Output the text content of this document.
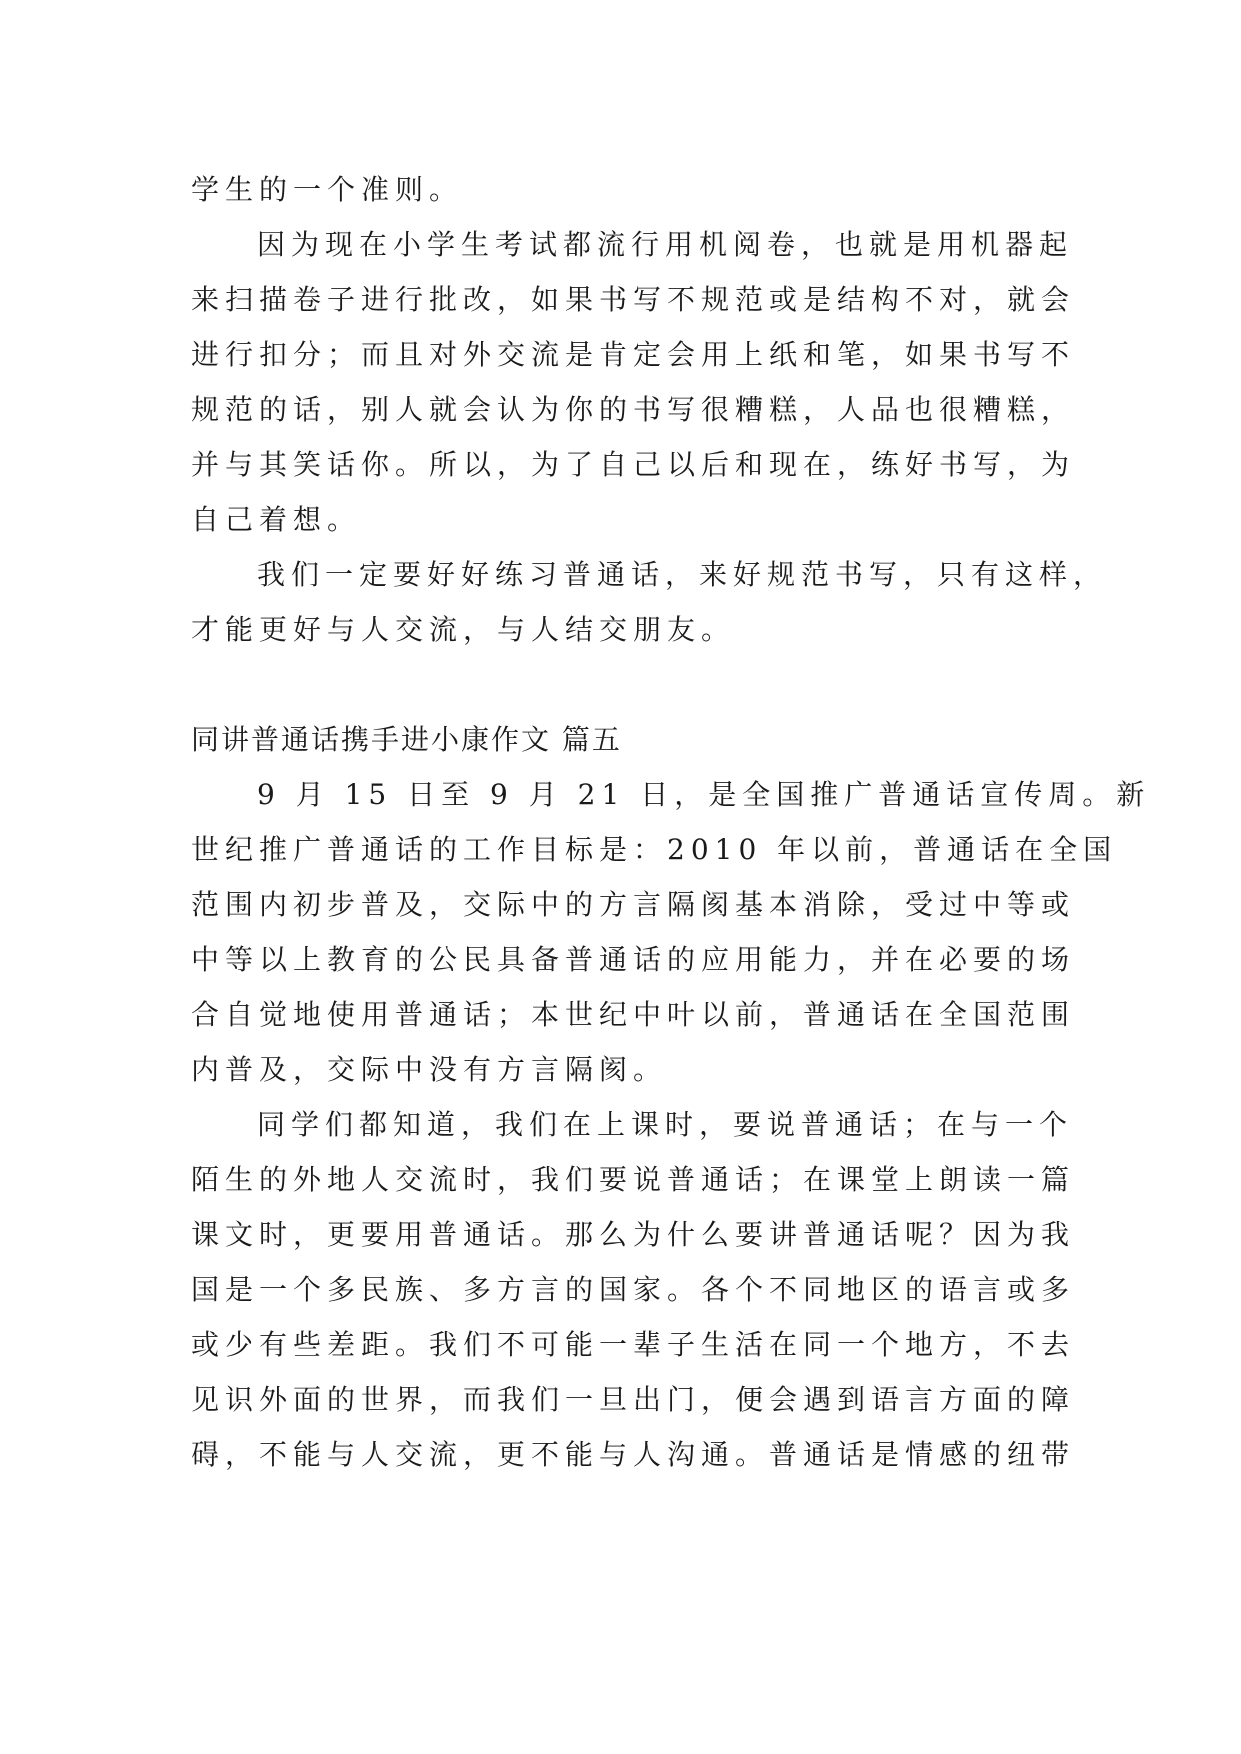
学生的一个准则。
因为现在小学生考试都流行用机阅卷，也就是用机器起
来扫描卷子进行批改，如果书写不规范或是结构不对，就会
进行扣分；而且对外交流是肯定会用上纸和笔，如果书写不
规范的话，别人就会认为你的书写很糟糕，人品也很糟糕，
并与其笑话你。所以，为了自己以后和现在，练好书写，为
自己着想。
我们一定要好好练习普通话，来好规范书写，只有这样，
才能更好与人交流，与人结交朋友。
同讲普通话携手进小康作文 篇五
9 月 15 日至 9 月 21 日，是全国推广普通话宣传周。新
世纪推广普通话的工作目标是：2010 年以前，普通话在全国
范围内初步普及，交际中的方言隔阂基本消除，受过中等或
中等以上教育的公民具备普通话的应用能力，并在必要的场
合自觉地使用普通话；本世纪中叶以前，普通话在全国范围
内普及，交际中没有方言隔阂。
同学们都知道，我们在上课时，要说普通话；在与一个
陌生的外地人交流时，我们要说普通话；在课堂上朗读一篇
课文时，更要用普通话。那么为什么要讲普通话呢？因为我
国是一个多民族、多方言的国家。各个不同地区的语言或多
或少有些差距。我们不可能一辈子生活在同一个地方，不去
见识外面的世界，而我们一旦出门，便会遇到语言方面的障
碍，不能与人交流，更不能与人沟通。普通话是情感的纽带
